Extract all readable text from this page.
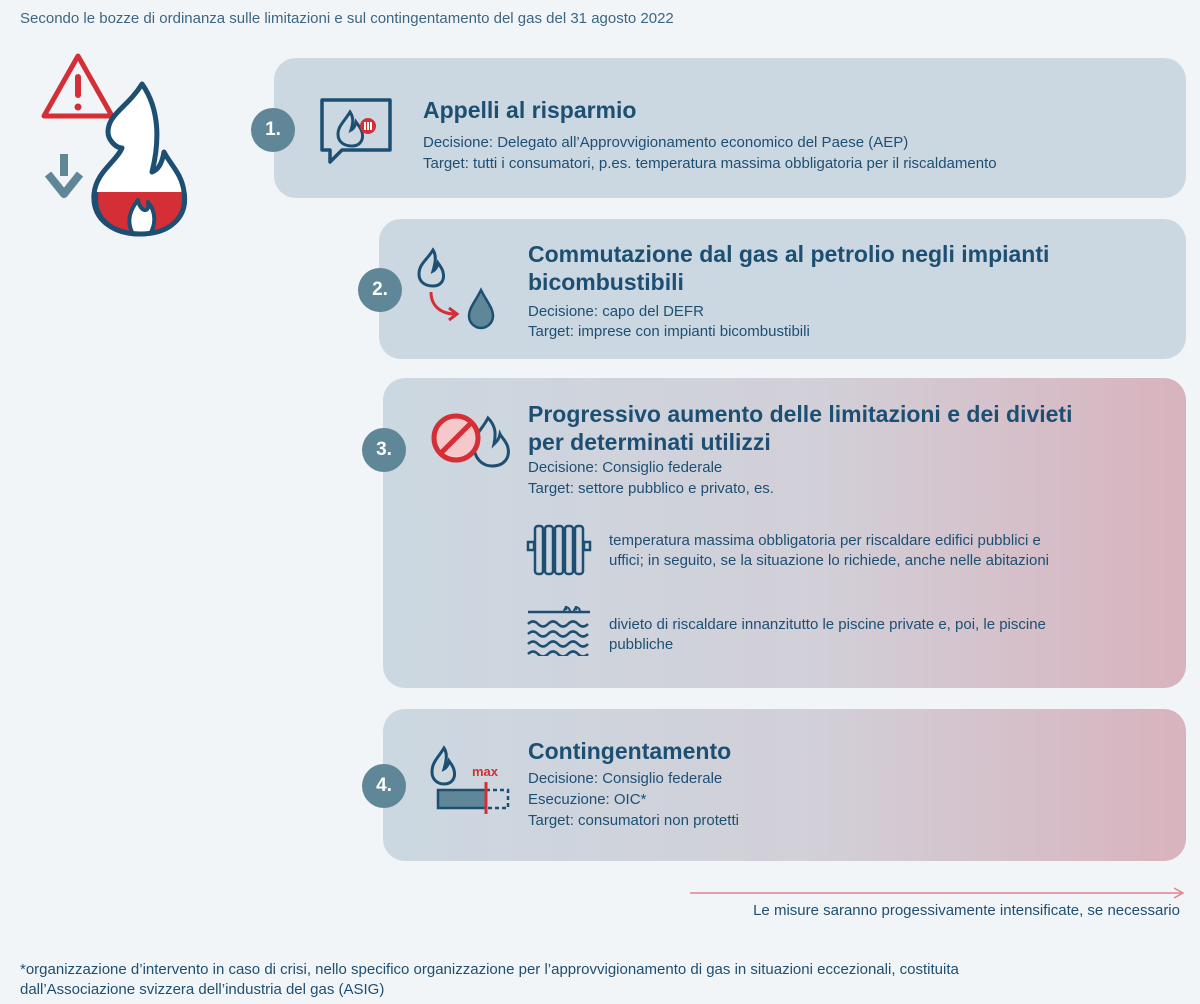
Secondo le bozze di ordinanza sulle limitazioni e sul contingentamento del gas del 31 agosto 2022
1.
Appelli al risparmio
Decisione: Delegato all’Approvvigionamento economico del Paese (AEP)
Target: tutti i consumatori, p.es. temperatura massima obbligatoria per il riscaldamento
2.
Commutazione dal gas al petrolio negli impianti
bicombustibili
Decisione: capo del DEFR
Target: imprese con impianti bicombustibili
3.
Progressivo aumento delle limitazioni e dei divieti
per determinati utilizzi
Decisione: Consiglio federale
Target: settore pubblico e privato, es.
temperatura massima obbligatoria per riscaldare edifici pubblici e
uffici; in seguito, se la situazione lo richiede, anche nelle abitazioni
divieto di riscaldare innanzitutto le piscine private e, poi, le piscine
pubbliche
4.
max
Contingentamento
Decisione: Consiglio federale
Esecuzione: OIC*
Target: consumatori non protetti
Le misure saranno progessivamente intensificate, se necessario
*organizzazione d’intervento in caso di crisi, nello specifico organizzazione per l’approvvigionamento di gas in situazioni eccezionali, costituita
dall’Associazione svizzera dell’industria del gas (ASIG)
